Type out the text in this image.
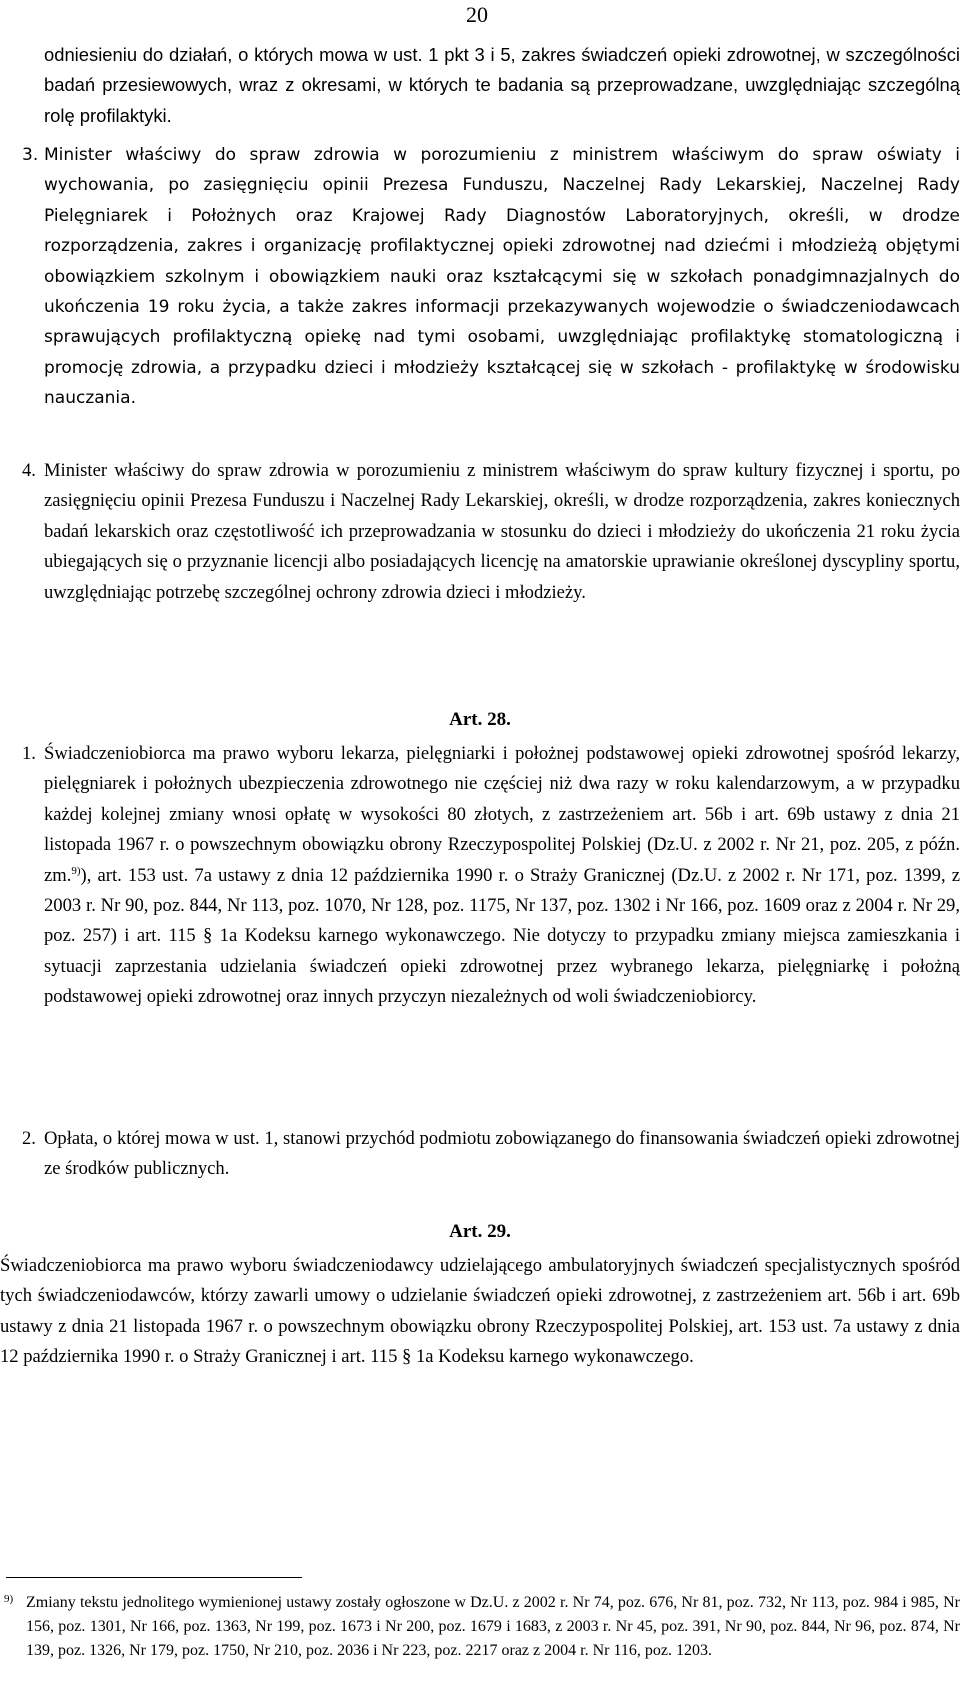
20

odniesieniu do działań, o których mowa w ust. 1 pkt 3 i 5, zakres świadczeń opieki zdrowotnej, w szczególności badań przesiewowych, wraz z okresami, w których te badania są przeprowadzane, uwzględniając szczególną rolę profilaktyki.

3. Minister właściwy do spraw zdrowia w porozumieniu z ministrem właściwym do spraw oświaty i wychowania, po zasięgnięciu opinii Prezesa Funduszu, Naczelnej Rady Lekarskiej, Naczelnej Rady Pielęgniarek i Położnych oraz Krajowej Rady Diagnostów Laboratoryjnych, określi, w drodze rozporządzenia, zakres i organizację profilaktycznej opieki zdrowotnej nad dziećmi i młodzieżą objętymi obowiązkiem szkolnym i obowiązkiem nauki oraz kształcącymi się w szkołach ponadgimnazjalnych do ukończenia 19 roku życia, a także zakres informacji przekazywanych wojewodzie o świadczeniodawcach sprawujących profilaktyczną opiekę nad tymi osobami, uwzględniając profilaktykę stomatologiczną i promocję zdrowia, a przypadku dzieci i młodzieży kształcącej się w szkołach - profilaktykę w środowisku nauczania.
4. Minister właściwy do spraw zdrowia w porozumieniu z ministrem właściwym do spraw kultury fizycznej i sportu, po zasięgnięciu opinii Prezesa Funduszu i Naczelnej Rady Lekarskiej, określi, w drodze rozporządzenia, zakres koniecznych badań lekarskich oraz częstotliwość ich przeprowadzania w stosunku do dzieci i młodzieży do ukończenia 21 roku życia ubiegających się o przyznanie licencji albo posiadających licencję na amatorskie uprawianie określonej dyscypliny sportu, uwzględniając potrzebę szczególnej ochrony zdrowia dzieci i młodzieży.
Art. 28.
1. Świadczeniobiorca ma prawo wyboru lekarza, pielęgniarki i położnej podstawowej opieki zdrowotnej spośród lekarzy, pielęgniarek i położnych ubezpieczenia zdrowotnego nie częściej niż dwa razy w roku kalendarzowym, a w przypadku każdej kolejnej zmiany wnosi opłatę w wysokości 80 złotych, z zastrzeżeniem art. 56b i art. 69b ustawy z dnia 21 listopada 1967 r. o powszechnym obowiązku obrony Rzeczypospolitej Polskiej (Dz.U. z 2002 r. Nr 21, poz. 205, z późn. zm.$^{9)}$), art. 153 ust. 7a ustawy z dnia 12 października 1990 r. o Straży Granicznej (Dz.U. z 2002 r. Nr 171, poz. 1399, z 2003 r. Nr 90, poz. 844, Nr 113, poz. 1070, Nr 128, poz. 1175, Nr 137, poz. 1302 i Nr 166, poz. 1609 oraz z 2004 r. Nr 29, poz. 257) i art. 115 § 1a Kodeksu karnego wykonawczego. Nie dotyczy to przypadku zmiany miejsca zamieszkania i sytuacji zaprzestania udzielania świadczeń opieki zdrowotnej przez wybranego lekarza, pielęgniarkę i położną podstawowej opieki zdrowotnej oraz innych przyczyn niezależnych od woli świadczeniobiorcy.
2. Opłata, o której mowa w ust. 1, stanowi przychód podmiotu zobowiązanego do finansowania świadczeń opieki zdrowotnej ze środków publicznych.
Art. 29.

Świadczeniobiorca ma prawo wyboru świadczeniodawcy udzielającego ambulatoryjnych świadczeń specjalistycznych spośród tych świadczeniodawców, którzy zawarli umowy o udzielanie świadczeń opieki zdrowotnej, z zastrzeżeniem art. 56b i art. 69b ustawy z dnia 21 listopada 1967 r. o powszechnym obowiązku obrony Rzeczypospolitej Polskiej, art. 153 ust. 7a ustawy z dnia 12 października 1990 r. o Straży Granicznej i art. 115 § 1a Kodeksu karnego wykonawczego.

9) Zmiany tekstu jednolitego wymienionej ustawy zostały ogłoszone w Dz.U. z 2002 r. Nr 74, poz. 676, Nr 81, poz. 732, Nr 113, poz. 984 i 985, Nr 156, poz. 1301, Nr 166, poz. 1363, Nr 199, poz. 1673 i Nr 200, poz. 1679 i 1683, z 2003 r. Nr 45, poz. 391, Nr 90, poz. 844, Nr 96, poz. 874, Nr 139, poz. 1326, Nr 179, poz. 1750, Nr 210, poz. 2036 i Nr 223, poz. 2217 oraz z 2004 r. Nr 116, poz. 1203.
